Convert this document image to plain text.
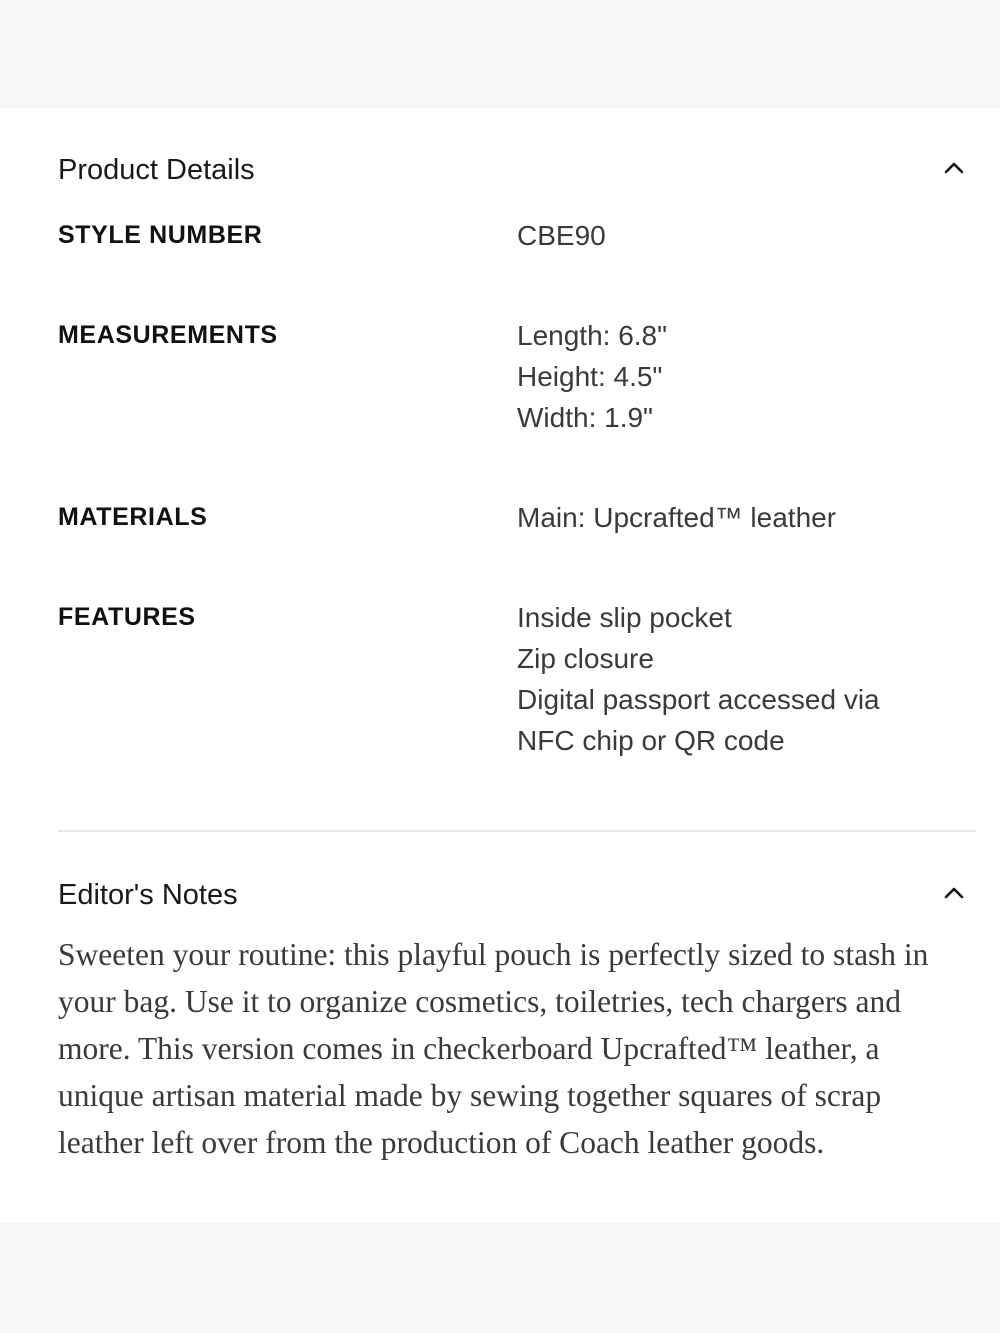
Product Details
STYLE NUMBER	CBE90
MEASUREMENTS	Length: 6.8"
Height: 4.5"
Width: 1.9"
MATERIALS	Main: Upcrafted™ leather
FEATURES	Inside slip pocket
Zip closure
Digital passport accessed via
NFC chip or QR code
Editor's Notes

Sweeten your routine: this playful pouch is perfectly sized to stash in your bag. Use it to organize cosmetics, toiletries, tech chargers and more. This version comes in checkerboard Upcrafted™ leather, a unique artisan material made by sewing together squares of scrap leather left over from the production of Coach leather goods.
